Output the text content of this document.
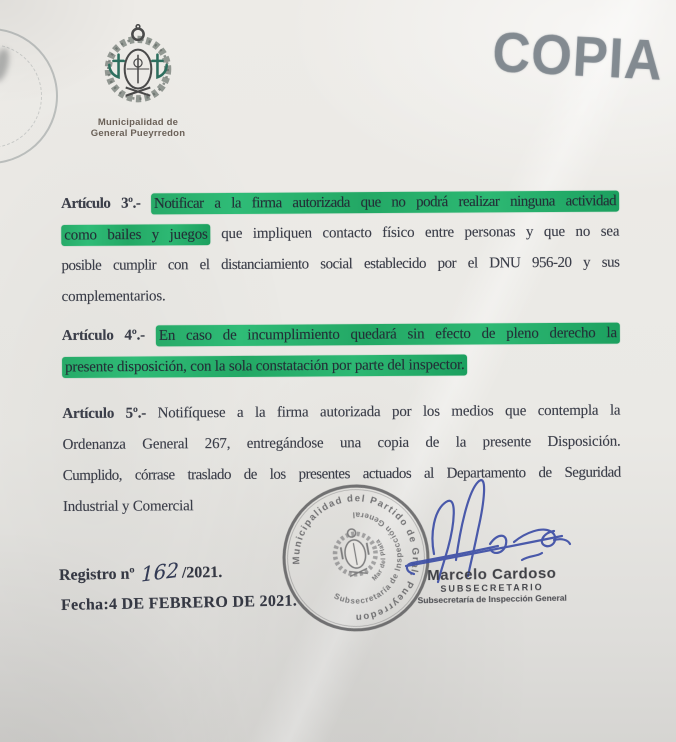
Municipalidad de
General Pueyrredon
COPIA
Artículo 3º.- Notificar a la firma autorizada que no podrá realizar ninguna actividad
como bailes y juegos que impliquen contacto físico entre personas y que no sea
posible cumplir con el distanciamiento social establecido por el DNU 956-20 y sus
complementarios.
Artículo 4º.- En caso de incumplimiento quedará sin efecto de pleno derecho la
presente disposición, con la sola constatación por parte del inspector.
Artículo 5º.- Notifíquese a la firma autorizada por los medios que contempla la
Ordenanza General 267, entregándose una copia de la presente Disposición.
Cumplido, córrase traslado de los presentes actuados al Departamento de Seguridad
Industrial y Comercial
Municipalidad del Partido de Gral. Pueyrredon
Subsecretaría de Inspección General
Mar del Plata
Marcelo Cardoso
SUBSECRETARIO
Subsecretaría de Inspección General
Registro nº 162 /2021.
Fecha:4 DE FEBRERO DE 2021.
